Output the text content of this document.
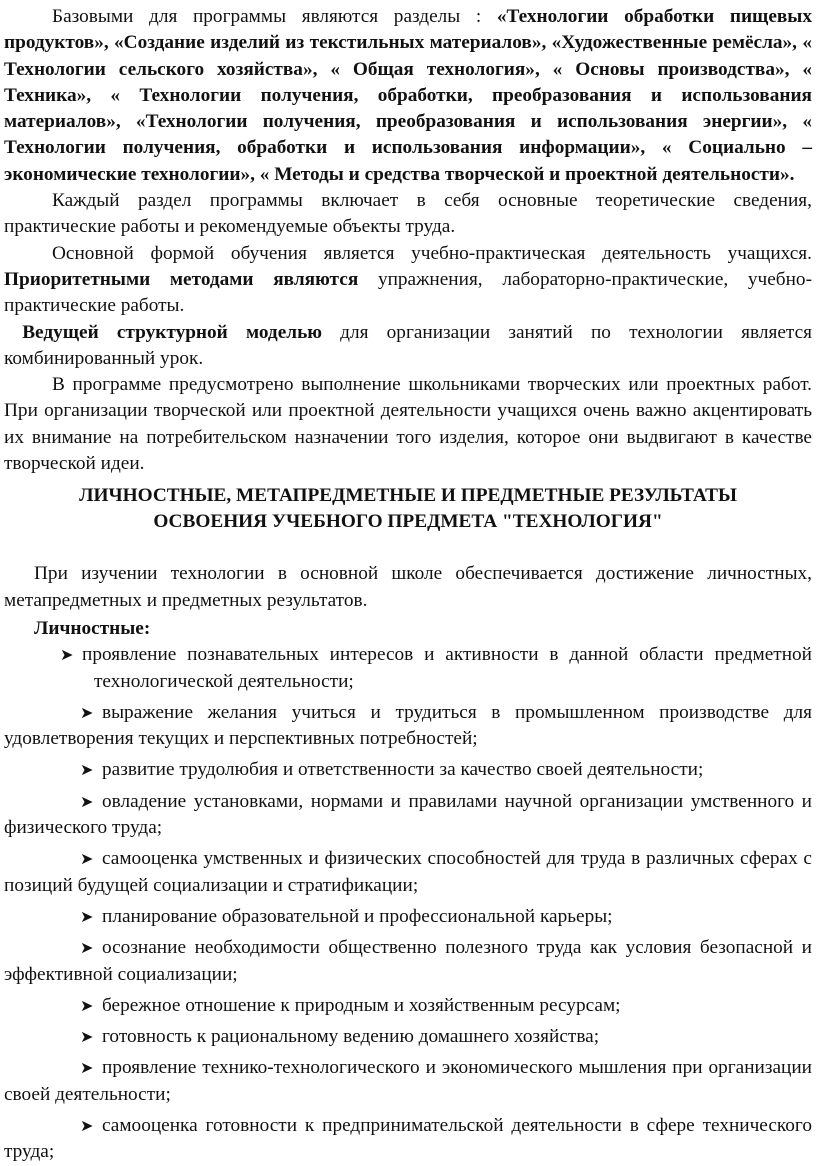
Базовыми для программы являются разделы : «Технологии обработки пищевых продуктов», «Создание изделий из текстильных материалов», «Художественные ремёсла», « Технологии сельского хозяйства», « Общая технология», « Основы производства», « Техника», « Технологии получения, обработки, преобразования и использования материалов», «Технологии получения, преобразования и использования энергии», « Технологии получения, обработки и использования информации», « Социально – экономические технологии», « Методы и средства творческой и проектной деятельности».

Каждый раздел программы включает в себя основные теоретические сведения, практические работы и рекомендуемые объекты труда.

Основной формой обучения является учебно-практическая деятельность учащихся. Приоритетными методами являются упражнения, лабораторно-практические, учебно-практические работы.

Ведущей структурной моделью для организации занятий по технологии является комбинированный урок.

В программе предусмотрено выполнение школьниками творческих или проектных работ. При организации творческой или проектной деятельности учащихся очень важно акцентировать их внимание на потребительском назначении того изделия, которое они выдвигают в качестве творческой идеи.

ЛИЧНОСТНЫЕ, МЕТАПРЕДМЕТНЫЕ И ПРЕДМЕТНЫЕ РЕЗУЛЬТАТЫ
ОСВОЕНИЯ УЧЕБНОГО ПРЕДМЕТА "ТЕХНОЛОГИЯ"

При изучении технологии в основной школе обеспечивается достижение личностных, метапредметных и предметных результатов.

Личностные:
➤ проявление познавательных интересов и активности в данной области предметной технологической деятельности;
➤ выражение желания учиться и трудиться в промышленном производстве для удовлетворения текущих и перспективных потребностей;
➤ развитие трудолюбия и ответственности за качество своей деятельности;
➤ овладение установками, нормами и правилами научной организации умственного и физического труда;
➤ самооценка умственных и физических способностей для труда в различных сферах с позиций будущей социализации и стратификации;
➤ планирование образовательной и профессиональной карьеры;
➤ осознание необходимости общественно полезного труда как условия безопасной и эффективной социализации;
➤ бережное отношение к природным и хозяйственным ресурсам;
➤ готовность к рациональному ведению домашнего хозяйства;
➤ проявление технико-технологического и экономического мышления при организации своей деятельности;
➤ самооценка готовности к предпринимательской деятельности в сфере технического труда;
